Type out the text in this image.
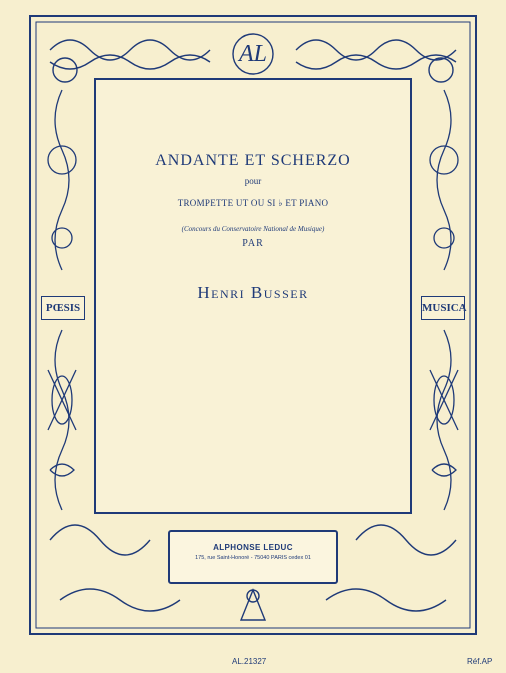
AL
ANDANTE ET SCHERZO
pour
TROMPETTE UT OU SI ♭ ET PIANO
(Concours du Conservatoire National de Musique)
PAR
Henri Busser
PŒSIS	MUSICA
ALPHONSE LEDUC
175, rue Saint-Honoré - 75040 PARIS cedex 01
AL.21327	Réf.AP
